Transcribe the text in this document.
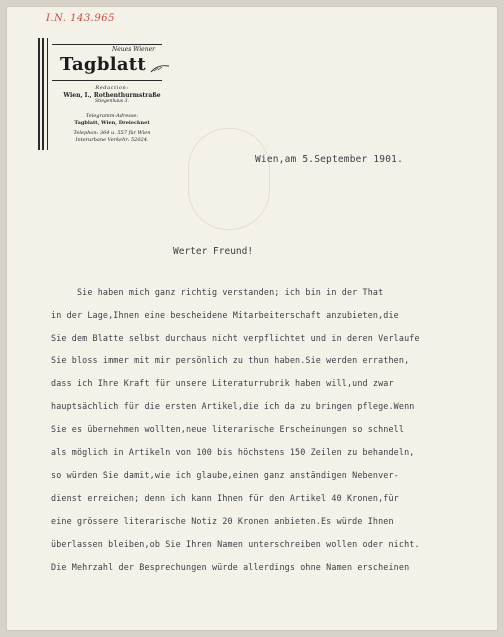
I.N. 143.965
Neues Wiener
Tagblatt
Redaction:
Wien, I., Rothenthurmstraße
Stiegenhaus 3.
Telegramm-Adresse:
Tagblatt, Wien, Dreiecknet
Telephon: 364 u. 557 für Wien
Interurbane Verkehr: 52024.
Wien,am 5.September 1901.
Werter Freund!
Sie haben mich ganz richtig verstanden; ich bin in der That
in der Lage,Ihnen eine bescheidene Mitarbeiterschaft anzubieten,die
Sie dem Blatte selbst durchaus nicht verpflichtet und in deren Verlaufe
Sie bloss immer mit mir persönlich zu thun haben.Sie werden errathen,
dass ich Ihre Kraft für unsere Literaturrubrik haben will,und zwar
hauptsächlich für die ersten Artikel,die ich da zu bringen pflege.Wenn
Sie es übernehmen wollten,neue literarische Erscheinungen so schnell
als möglich in Artikeln von 100 bis höchstens 150 Zeilen zu behandeln,
so würden Sie damit,wie ich glaube,einen ganz anständigen Nebenver-
dienst erreichen; denn ich kann Ihnen für den Artikel 40 Kronen,für
eine grössere literarische Notiz 20 Kronen anbieten.Es würde Ihnen
überlassen bleiben,ob Sie Ihren Namen unterschreiben wollen oder nicht.
Die Mehrzahl der Besprechungen würde allerdings ohne Namen erscheinen
